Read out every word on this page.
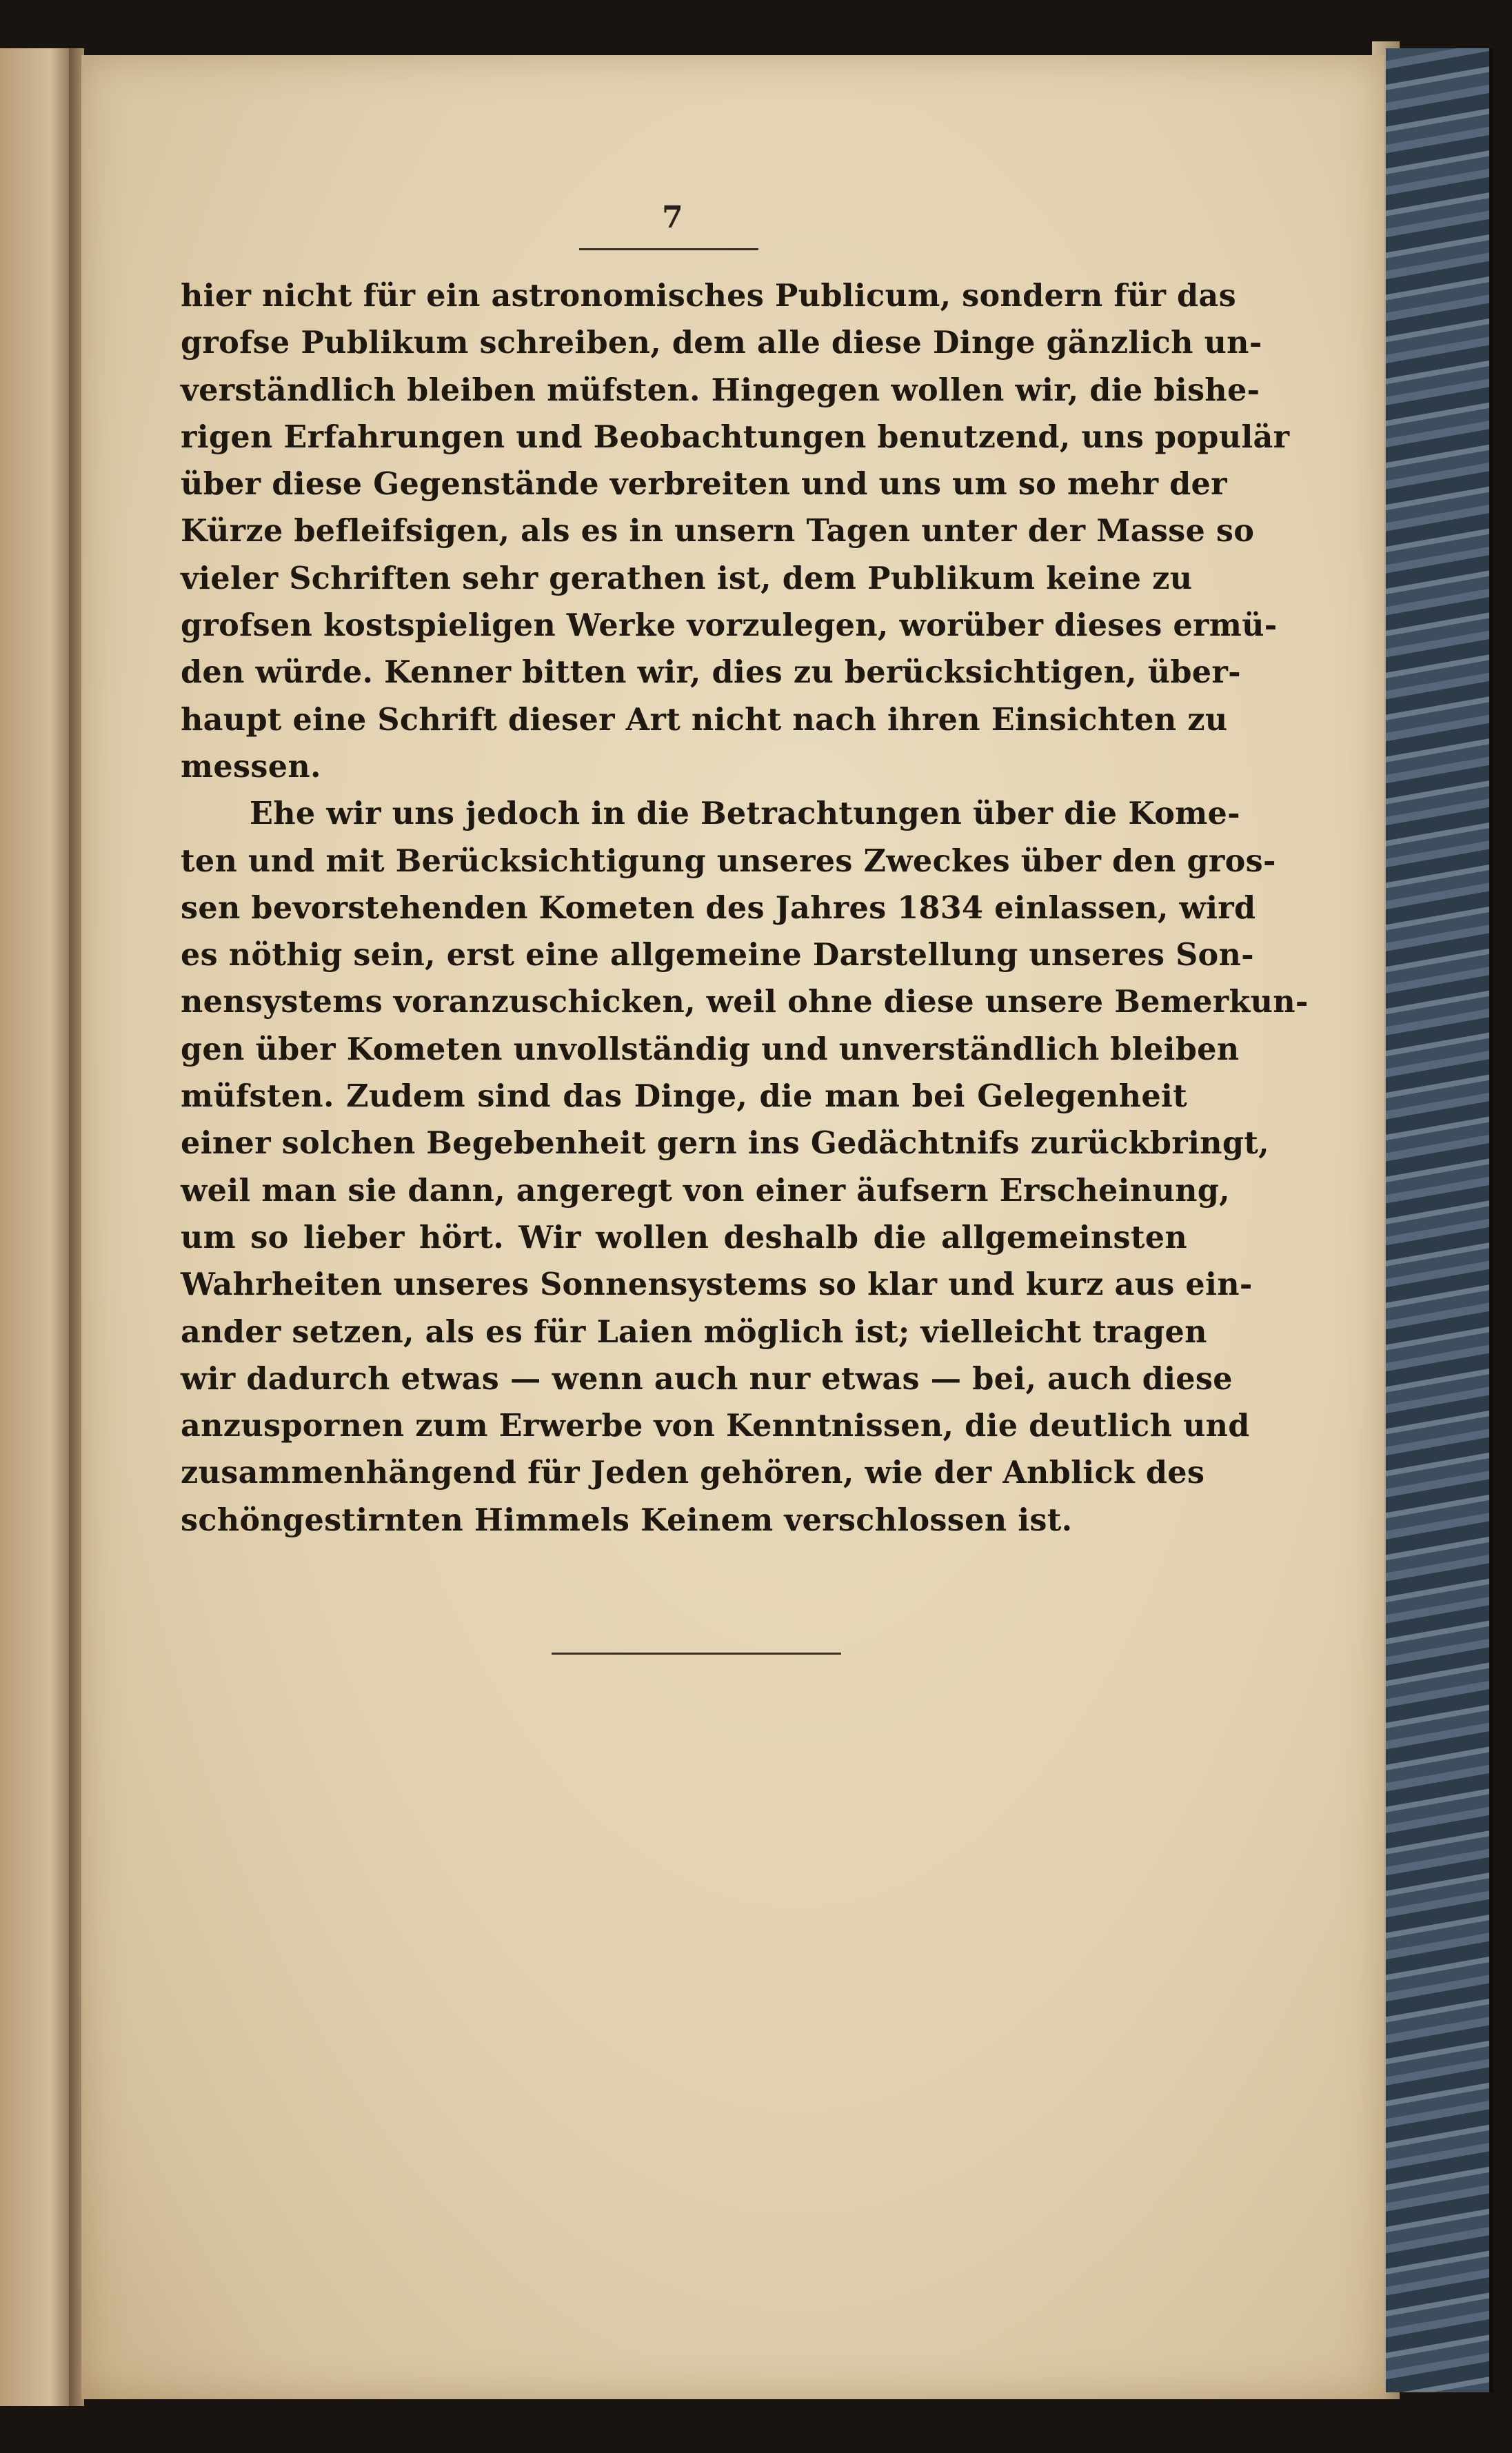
7
hier nicht für ein astronomisches Publicum, sondern für das
grofse Publikum schreiben, dem alle diese Dinge gänzlich un-
verständlich bleiben müfsten. Hingegen wollen wir, die bishe-
rigen Erfahrungen und Beobachtungen benutzend, uns populär
über diese Gegenstände verbreiten und uns um so mehr der
Kürze befleifsigen, als es in unsern Tagen unter der Masse so
vieler Schriften sehr gerathen ist, dem Publikum keine zu
grofsen kostspieligen Werke vorzulegen, worüber dieses ermü-
den würde. Kenner bitten wir, dies zu berücksichtigen, über-
haupt eine Schrift dieser Art nicht nach ihren Einsichten zu
messen.
Ehe wir uns jedoch in die Betrachtungen über die Kome-
ten und mit Berücksichtigung unseres Zweckes über den gros-
sen bevorstehenden Kometen des Jahres 1834 einlassen, wird
es nöthig sein, erst eine allgemeine Darstellung unseres Son-
nensystems voranzuschicken, weil ohne diese unsere Bemerkun-
gen über Kometen unvollständig und unverständlich bleiben
müfsten. Zudem sind das Dinge, die man bei Gelegenheit
einer solchen Begebenheit gern ins Gedächtnifs zurückbringt,
weil man sie dann, angeregt von einer äufsern Erscheinung,
um so lieber hört. Wir wollen deshalb die allgemeinsten
Wahrheiten unseres Sonnensystems so klar und kurz aus ein-
ander setzen, als es für Laien möglich ist; vielleicht tragen
wir dadurch etwas — wenn auch nur etwas — bei, auch diese
anzuspornen zum Erwerbe von Kenntnissen, die deutlich und
zusammenhängend für Jeden gehören, wie der Anblick des
schöngestirnten Himmels Keinem verschlossen ist.
